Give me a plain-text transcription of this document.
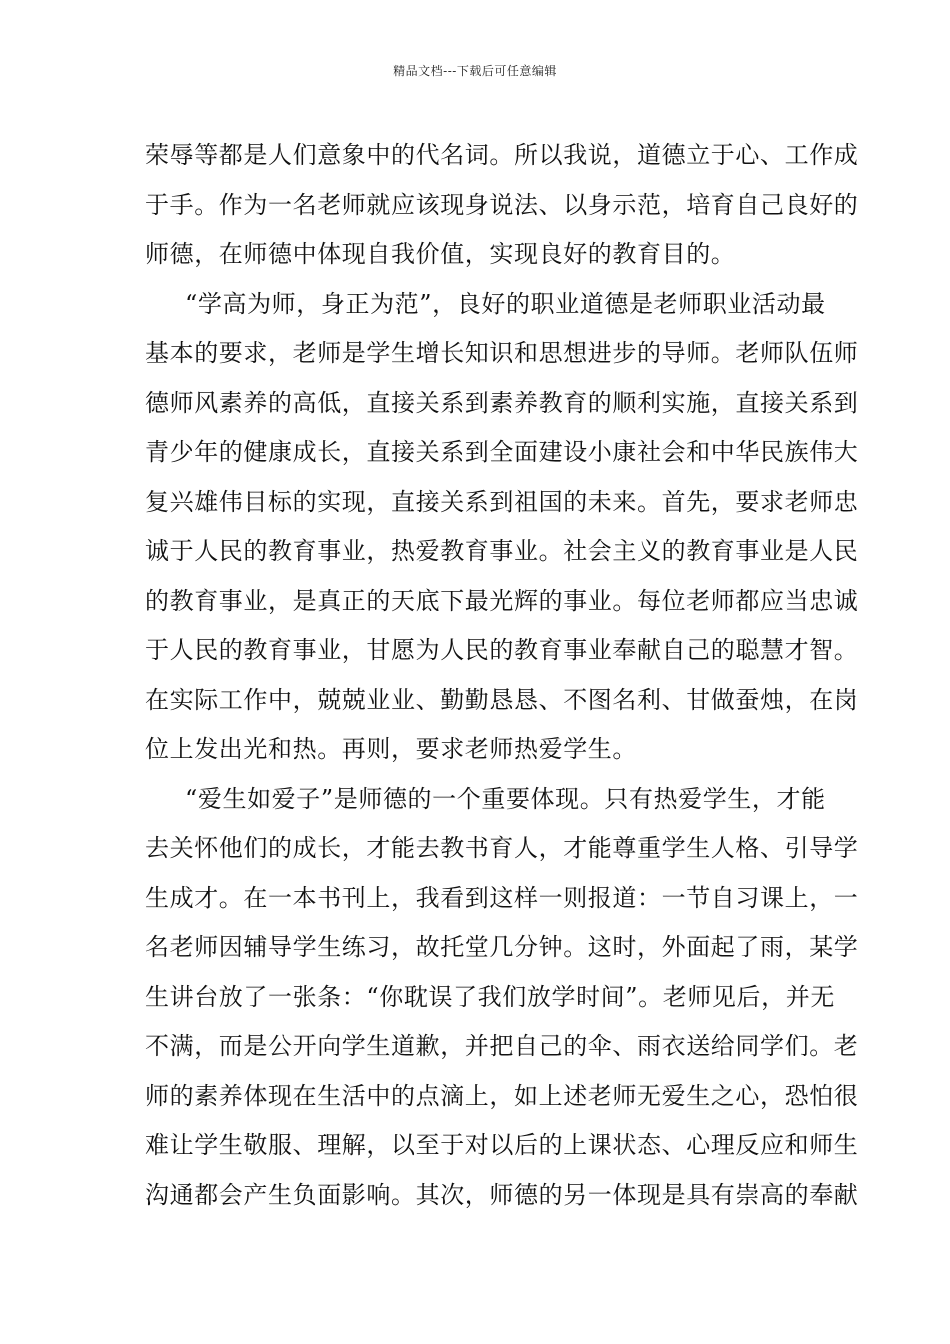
精品文档---下载后可任意编辑
荣辱等都是人们意象中的代名词。所以我说，道德立于心、工作成
于手。作为一名老师就应该现身说法、以身示范，培育自己良好的
师德，在师德中体现自我价值，实现良好的教育目的。
“学高为师，身正为范”，良好的职业道德是老师职业活动最
基本的要求，老师是学生增长知识和思想进步的导师。老师队伍师
德师风素养的高低，直接关系到素养教育的顺利实施，直接关系到
青少年的健康成长，直接关系到全面建设小康社会和中华民族伟大
复兴雄伟目标的实现，直接关系到祖国的未来。首先，要求老师忠
诚于人民的教育事业，热爱教育事业。社会主义的教育事业是人民
的教育事业，是真正的天底下最光辉的事业。每位老师都应当忠诚
于人民的教育事业，甘愿为人民的教育事业奉献自己的聪慧才智。
在实际工作中，兢兢业业、勤勤恳恳、不图名利、甘做蚕烛，在岗
位上发出光和热。再则，要求老师热爱学生。
“爱生如爱子”是师德的一个重要体现。只有热爱学生，才能
去关怀他们的成长，才能去教书育人，才能尊重学生人格、引导学
生成才。在一本书刊上，我看到这样一则报道：一节自习课上，一
名老师因辅导学生练习，故托堂几分钟。这时，外面起了雨，某学
生讲台放了一张条：“你耽误了我们放学时间”。老师见后，并无
不满，而是公开向学生道歉，并把自己的伞、雨衣送给同学们。老
师的素养体现在生活中的点滴上，如上述老师无爱生之心，恐怕很
难让学生敬服、理解，以至于对以后的上课状态、心理反应和师生
沟通都会产生负面影响。其次，师德的另一体现是具有崇高的奉献
